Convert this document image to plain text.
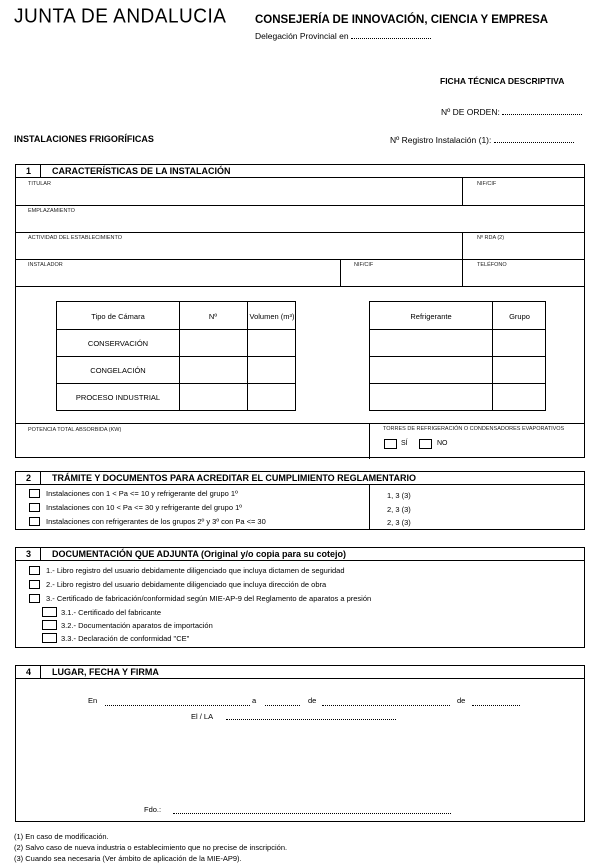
JUNTA DE ANDALUCIA CONSEJERÍA DE INNOVACIÓN, CIENCIA Y EMPRESA
Delegación Provincial en
FICHA TÉCNICA DESCRIPTIVA
Nº DE ORDEN:
INSTALACIONES FRIGORÍFICAS	Nº Registro Instalación (1):
1 CARACTERÍSTICAS DE LA INSTALACIÓN
TITULAR	NIF/CIF
EMPLAZAMIENTO
ACTIVIDAD DEL ESTABLECIMIENTO	Nº RDA (2)
INSTALADOR	NIF/CIF	TELÉFONO
Tipo de Cámara	Nº	Volumen (m³)
CONSERVACIÓN
CONGELACIÓN
PROCESO INDUSTRIAL
Refrigerante	Grupo
POTENCIA TOTAL ABSORBIDA (KW)	TORRES DE REFRIGERACIÓN O CONDENSADORES EVAPORATIVOS
SÍ	NO
2 TRÁMITE Y DOCUMENTOS PARA ACREDITAR EL CUMPLIMIENTO REGLAMENTARIO
Instalaciones con 1 < Pa <= 10 y refrigerante del grupo 1º	1, 3 (3)
Instalaciones con 10 < Pa <= 30 y refrigerante del grupo 1º	2, 3 (3)
Instalaciones con refrigerantes de los grupos 2º y 3º con Pa <= 30	2, 3 (3)
3 DOCUMENTACIÓN QUE ADJUNTA (Original y/o copia para su cotejo)
1.- Libro registro del usuario debidamente diligenciado que incluya dictamen de seguridad
2.- Libro registro del usuario debidamente diligenciado que incluya dirección de obra
3.- Certificado de fabricación/conformidad según MIE-AP-9 del Reglamento de aparatos a presión
3.1.- Certificado del fabricante
3.2.- Documentación aparatos de importación
3.3.- Declaración de conformidad "CE"
4 LUGAR, FECHA Y FIRMA
En	a	de	de
El / LA
Fdo.:
(1) En caso de modificación.
(2) Salvo caso de nueva industria o establecimiento que no precise de inscripción.
(3) Cuando sea necesaria (Ver ámbito de aplicación de la MIE-AP9).
